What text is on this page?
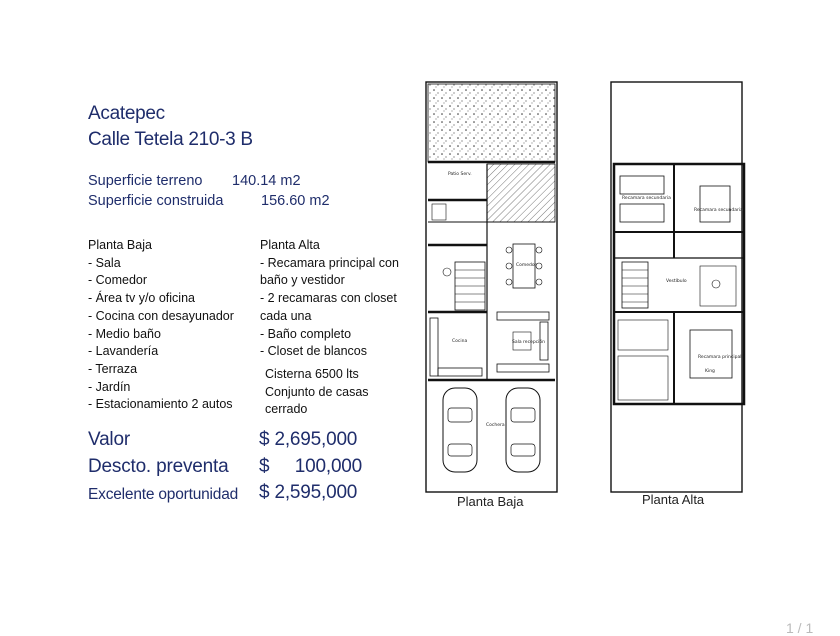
Acatepec
Calle Tetela 210-3 B
Superficie terreno 140.14 m2
Superficie construida	156.60 m2
Planta Baja
- Sala
- Comedor
- Área tv y/o oficina
- Cocina con desayunador
- Medio baño
- Lavandería
- Terraza
- Jardín
- Estacionamiento 2 autos
Planta Alta
- Recamara principal con
baño y vestidor
- 2 recamaras con closet
cada una
- Baño completo
- Closet de blancos
Cisterna 6500 lts
Conjunto de casas
cerrado
Valor	$ 2,695,000
Descto. preventa $     100,000
Excelente oportunidad $ 2,595,000
Patio Serv.
Comedor
Cocina	Sala recepción
Cochera
Recamara secundaria
Recamara secundaria
Vestíbulo
Recamara principal
King
Planta Baja	Planta Alta
1 / 1
